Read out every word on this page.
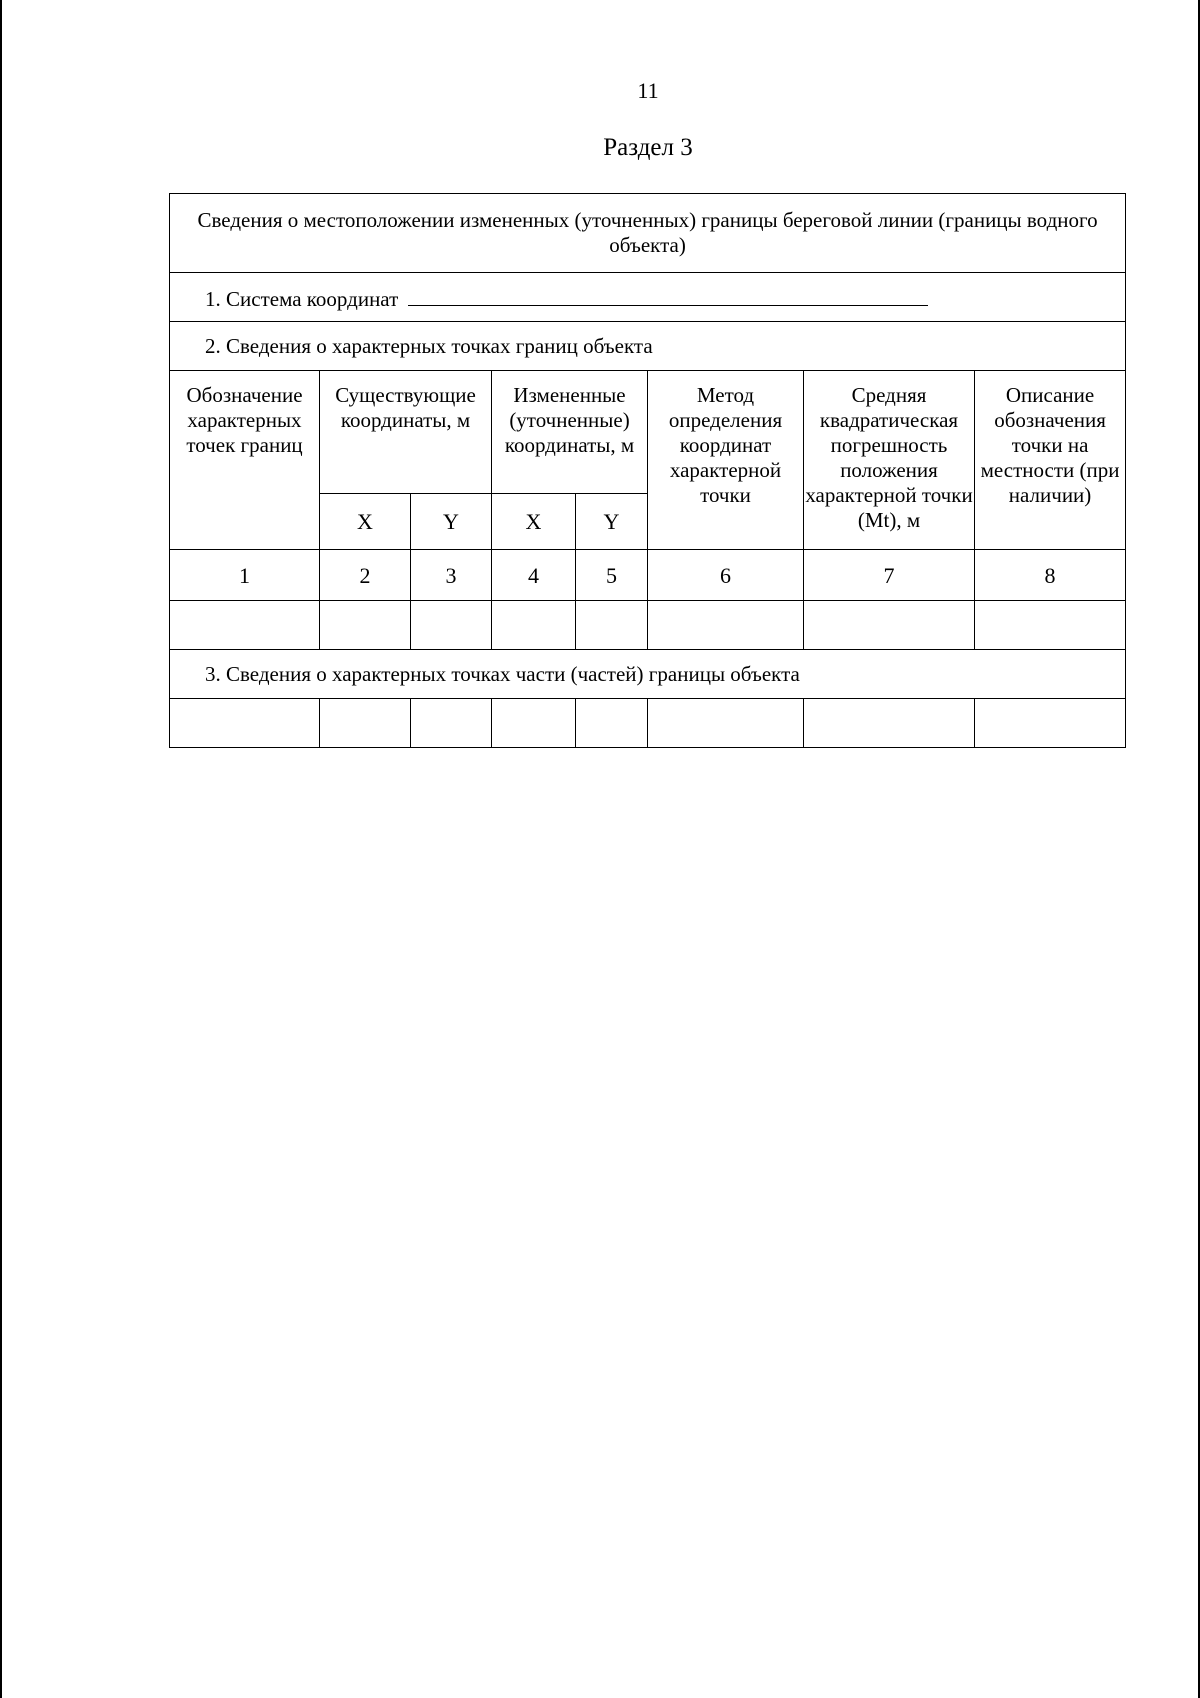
11
Раздел 3
Сведения о местоположении измененных (уточненных) границы береговой линии (границы водного объекта)							
1. Система координат							
2. Сведения о характерных точках границ объекта							
Обозначение характерных точек границ	Существующие координаты, м		Измененные (уточненные) координаты, м		Метод определения координат характерной точки	Средняя квадратическая погрешность положения характерной точки (Mt), м	Описание обозначения точки на местности (при наличии)
	X	Y	X	Y			
1	2	3	4	5	6	7	8

3. Сведения о характерных точках части (частей) границы объекта							
